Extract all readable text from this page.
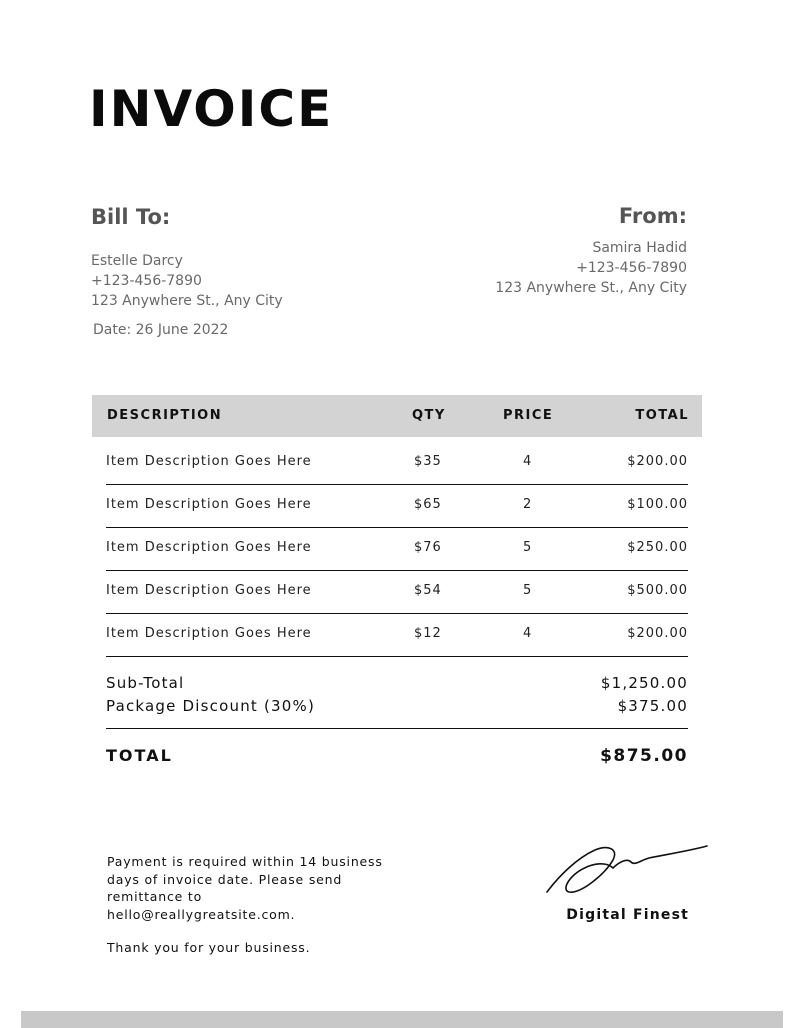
INVOICE
Bill To:
Estelle Darcy
+123-456-7890
123 Anywhere St., Any City
Date: 26 June 2022
From:
Samira Hadid
+123-456-7890
123 Anywhere St., Any City
DESCRIPTION	QTY	PRICE	TOTAL
Item Description Goes Here	$35	4	$200.00
Item Description Goes Here	$65	2	$100.00
Item Description Goes Here	$76	5	$250.00
Item Description Goes Here	$54	5	$500.00
Item Description Goes Here	$12	4	$200.00
Sub-Total	$1,250.00
Package Discount (30%)	$375.00
TOTAL	$875.00
Payment is required within 14 business
days of invoice date. Please send
remittance to
hello@reallygreatsite.com.
Thank you for your business.
Digital Finest
